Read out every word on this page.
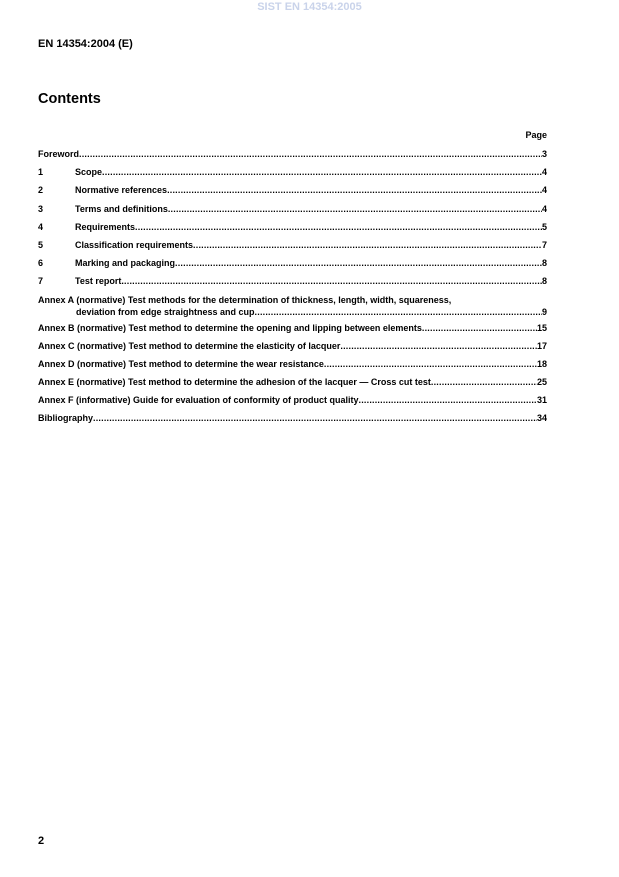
SIST EN 14354:2005
EN 14354:2004 (E)
Contents
Page
Foreword .....	3
1	Scope .....	4
2	Normative references .....	4
3	Terms and definitions .....	4
4	Requirements .....	5
5	Classification requirements .....	7
6	Marking and packaging .....	8
7	Test report .....	8
Annex A (normative) Test methods for the determination of thickness, length, width, squareness,
deviation from edge straightness and cup .....	9
Annex B (normative) Test method to determine the opening and lipping between elements .....	15
Annex C (normative) Test method to determine the elasticity of lacquer .....	17
Annex D (normative) Test method to determine the wear resistance .....	18
Annex E (normative) Test method to determine the adhesion of the lacquer — Cross cut test .....	25
Annex F (informative) Guide for evaluation of conformity of product quality .....	31
Bibliography .....	34
2
